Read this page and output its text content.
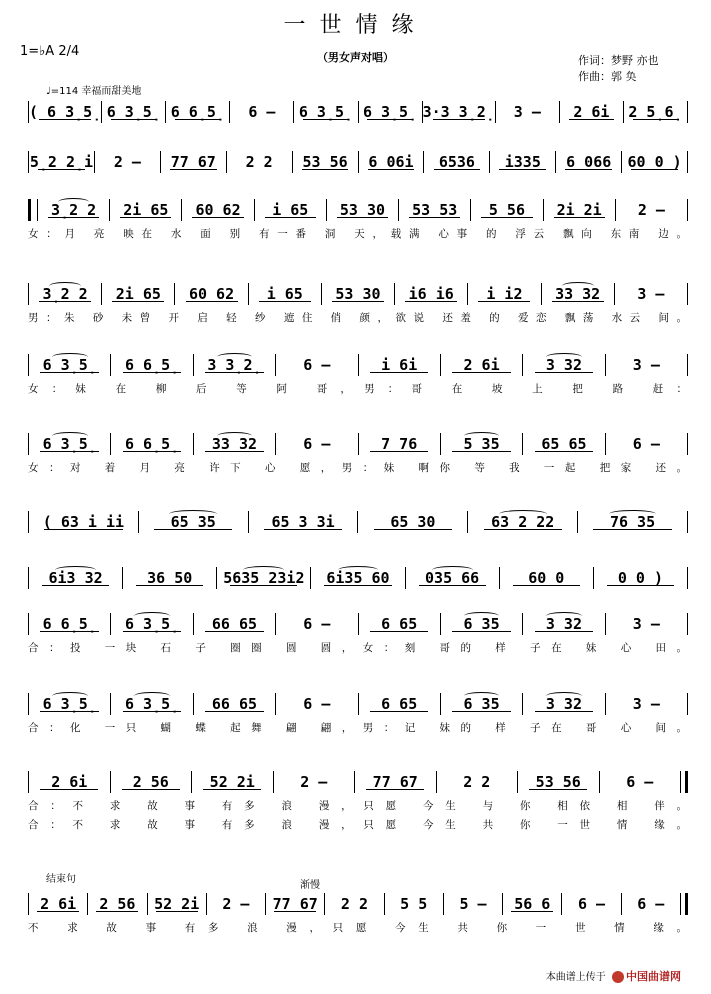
一世情缘
（男女声对唱）	作词：梦野 亦也
作曲：郭 奂
1=♭A 2/4
♩=114 幸福而甜美地
结束句
渐慢
( 6 3̣5̣ 6 3̣5̣ 6 6̣5̣	6 –	6 3̣5̣ 6 3̣5̣ 3·3 3̣2̣	3 –	2 6i	2 5̣6̣
5̣2 2̣i	2 –	77 67	2 2	53 56	6 06i	6536	i335	6 066	60 0 )
3̣2 2	2i 65	60 62	i 65	53 30	53 53	5 56	2i 2i	2 –
女：月 亮 映在 水 面 别 有一番 洞 天，载满 心事 的 浮云 飘向 东南 边。
3̣2 2	2i 65	60 62	i 65	53 30	i6 i6	i i2	33 32	3 –
男：朱 砂 未曾 开 启 轻 纱 遮住 俏 颜，欲说 还羞 的 爱恋 飘荡 水云 间。
6 3̣5̣	6 6̣5̣	3 3̣2̣	6 –	i 6i	2 6i	3 32	3 –
女：妹 在 柳 后 等 阿 哥，男：哥 在 坡 上 把 路 赶：
6 3̣5̣	6 6̣5̣	33 32	6 –	7 76	5 35	65 65	6 –
女：对 着 月 亮 许下 心 愿，男：妹 啊你 等 我 一起 把家 还。
( 63 i ii	65 35	65 3 3i	65 30	63 2 22	76 35
6i3 32	36 50	5635 23i2	6i35 60	035 66	60 0	0 0 )
6 6̣5̣	6 3̣5̣	66 65	6 –	6 65	6 35	3 32	3 –
合：投 一块 石 子 圈圈 圆 圆，女：刻 哥的 样 子在 妹 心 田。
6 3̣5̣	6 3̣5̣	66 65	6 –	6 65	6 35	3 32	3 –
合：化 一只 蝴 蝶 起舞 翩 翩，男：记 妹的 样 子在 哥 心 间。
2 6i	2 56	52 2i	2 –	77 67	2 2	53 56	6 –
合：不 求 故 事 有多 浪 漫，只愿 今生 与 你 相依 相 伴。
合：不 求 故 事 有多 浪 漫，只愿 今生 共 你 一世 情 缘。
2 6i	2 56	52 2i	2 –	77 67	2 2	5 5	5 –	56 6	6 –	6 –
不 求 故 事 有多 浪 漫，只愿 今生 共 你 一 世 情 缘。
本曲谱上传于 中国曲谱网
